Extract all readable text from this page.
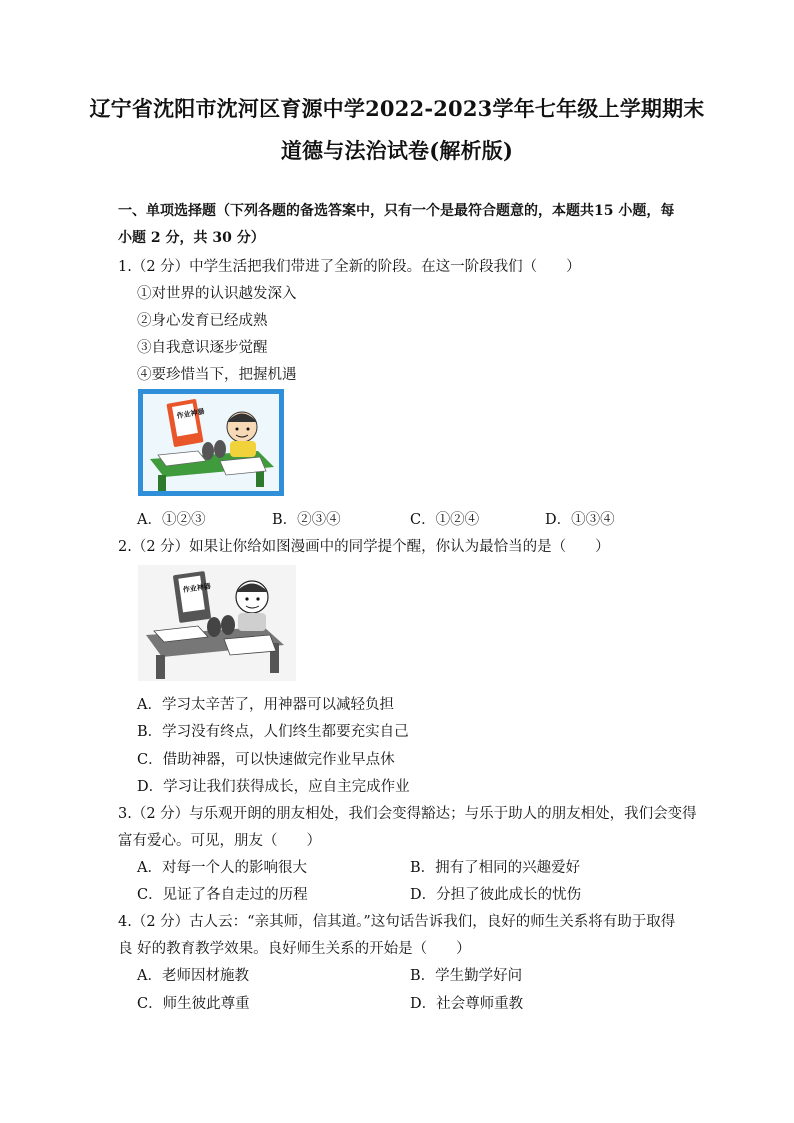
辽宁省沈阳市沈河区育源中学2022-2023学年七年级上学期期末
道德与法治试卷(解析版)
一、单项选择题（下列各题的备选答案中，只有一个是最符合题意的，本题共15 小题，每
小题 2 分，共 30 分）
1.（2 分）中学生活把我们带进了全新的阶段。在这一阶段我们（　　）
①对世界的认识越发深入
②身心发育已经成熟
③自我意识逐步觉醒
④要珍惜当下，把握机遇
作业神器
A．①②③	B．②③④	C．①②④	D．①③④
2.（2 分）如果让你给如图漫画中的同学提个醒，你认为最恰当的是（　　）
作业神器
A．学习太辛苦了，用神器可以减轻负担
B．学习没有终点，人们终生都要充实自己
C．借助神器，可以快速做完作业早点休
D．学习让我们获得成长，应自主完成作业
3.（2 分）与乐观开朗的朋友相处，我们会变得豁达；与乐于助人的朋友相处，我们会变得
富有爱心。可见，朋友（　　）
A．对每一个人的影响很大	B．拥有了相同的兴趣爱好
C．见证了各自走过的历程	D．分担了彼此成长的忧伤
4.（2 分）古人云：“亲其师，信其道。”这句话告诉我们，良好的师生关系将有助于取得
良 好的教育教学效果。良好师生关系的开始是（　　）
A．老师因材施教	B．学生勤学好问
C．师生彼此尊重	D．社会尊师重教
